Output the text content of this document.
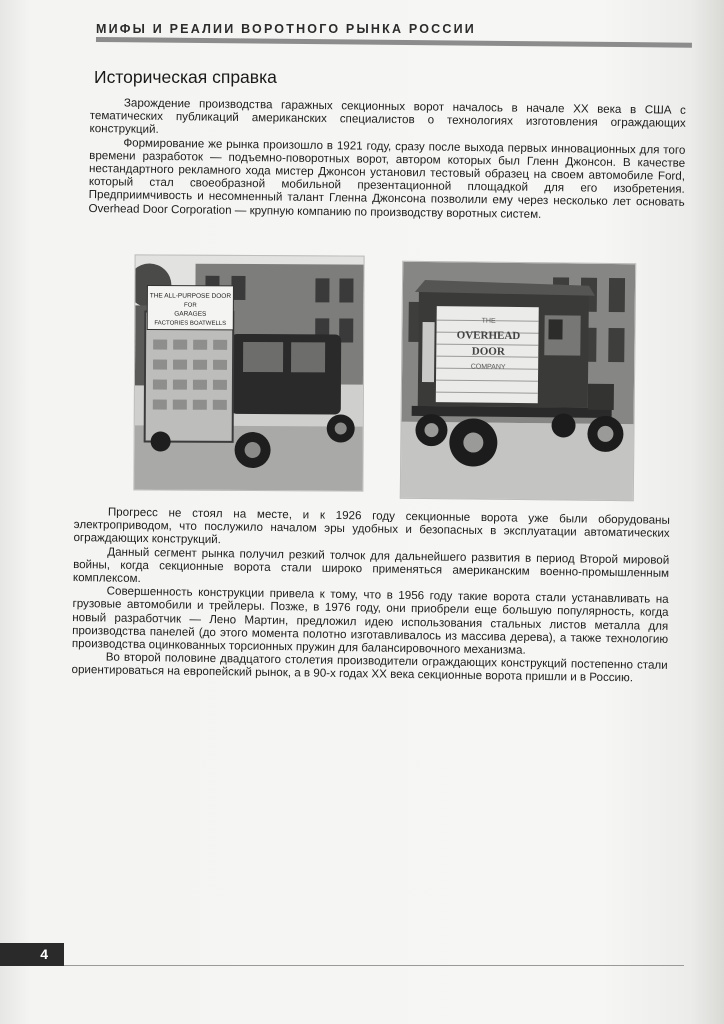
МИФЫ И РЕАЛИИ ВОРОТНОГО РЫНКА РОССИИ
Историческая справка

Зарождение производства гаражных секционных ворот началось в начале XX века в США с тематических публикаций американских специалистов о технологиях изготовления ограждающих конструкций.

Формирование же рынка произошло в 1921 году, сразу после выхода первых инновационных для того времени разработок — подъемно-поворотных ворот, автором которых был Гленн Джонсон. В качестве нестандартного рекламного хода мистер Джонсон установил тестовый образец на своем автомобиле Ford, который стал своеобразной мобильной презентационной площадкой для его изобретения. Предприимчивость и несомненный талант Гленна Джонсона позволили ему через несколько лет основать Overhead Door Corporation — крупную компанию по производству воротных систем.

THE ALL-PURPOSE DOOR
FOR
GARAGES
FACTORIES BOATWELLS	THE
OVERHEAD
DOOR
COMPANY

Прогресс не стоял на месте, и к 1926 году секционные ворота уже были оборудованы электроприводом, что послужило началом эры удобных и безопасных в эксплуатации автоматических ограждающих конструкций.

Данный сегмент рынка получил резкий толчок для дальнейшего развития в период Второй мировой войны, когда секционные ворота стали широко применяться американским военно-промышленным комплексом.

Совершенность конструкции привела к тому, что в 1956 году такие ворота стали устанавливать на грузовые автомобили и трейлеры. Позже, в 1976 году, они приобрели еще большую популярность, когда новый разработчик — Лено Мартин, предложил идею использования стальных листов металла для производства панелей (до этого момента полотно изготавливалось из массива дерева), а также технологию производства оцинкованных торсионных пружин для балансировочного механизма.

Во второй половине двадцатого столетия производители ограждающих конструкций постепенно стали ориентироваться на европейский рынок, а в 90-х годах XX века секционные ворота пришли и в Россию.

4
